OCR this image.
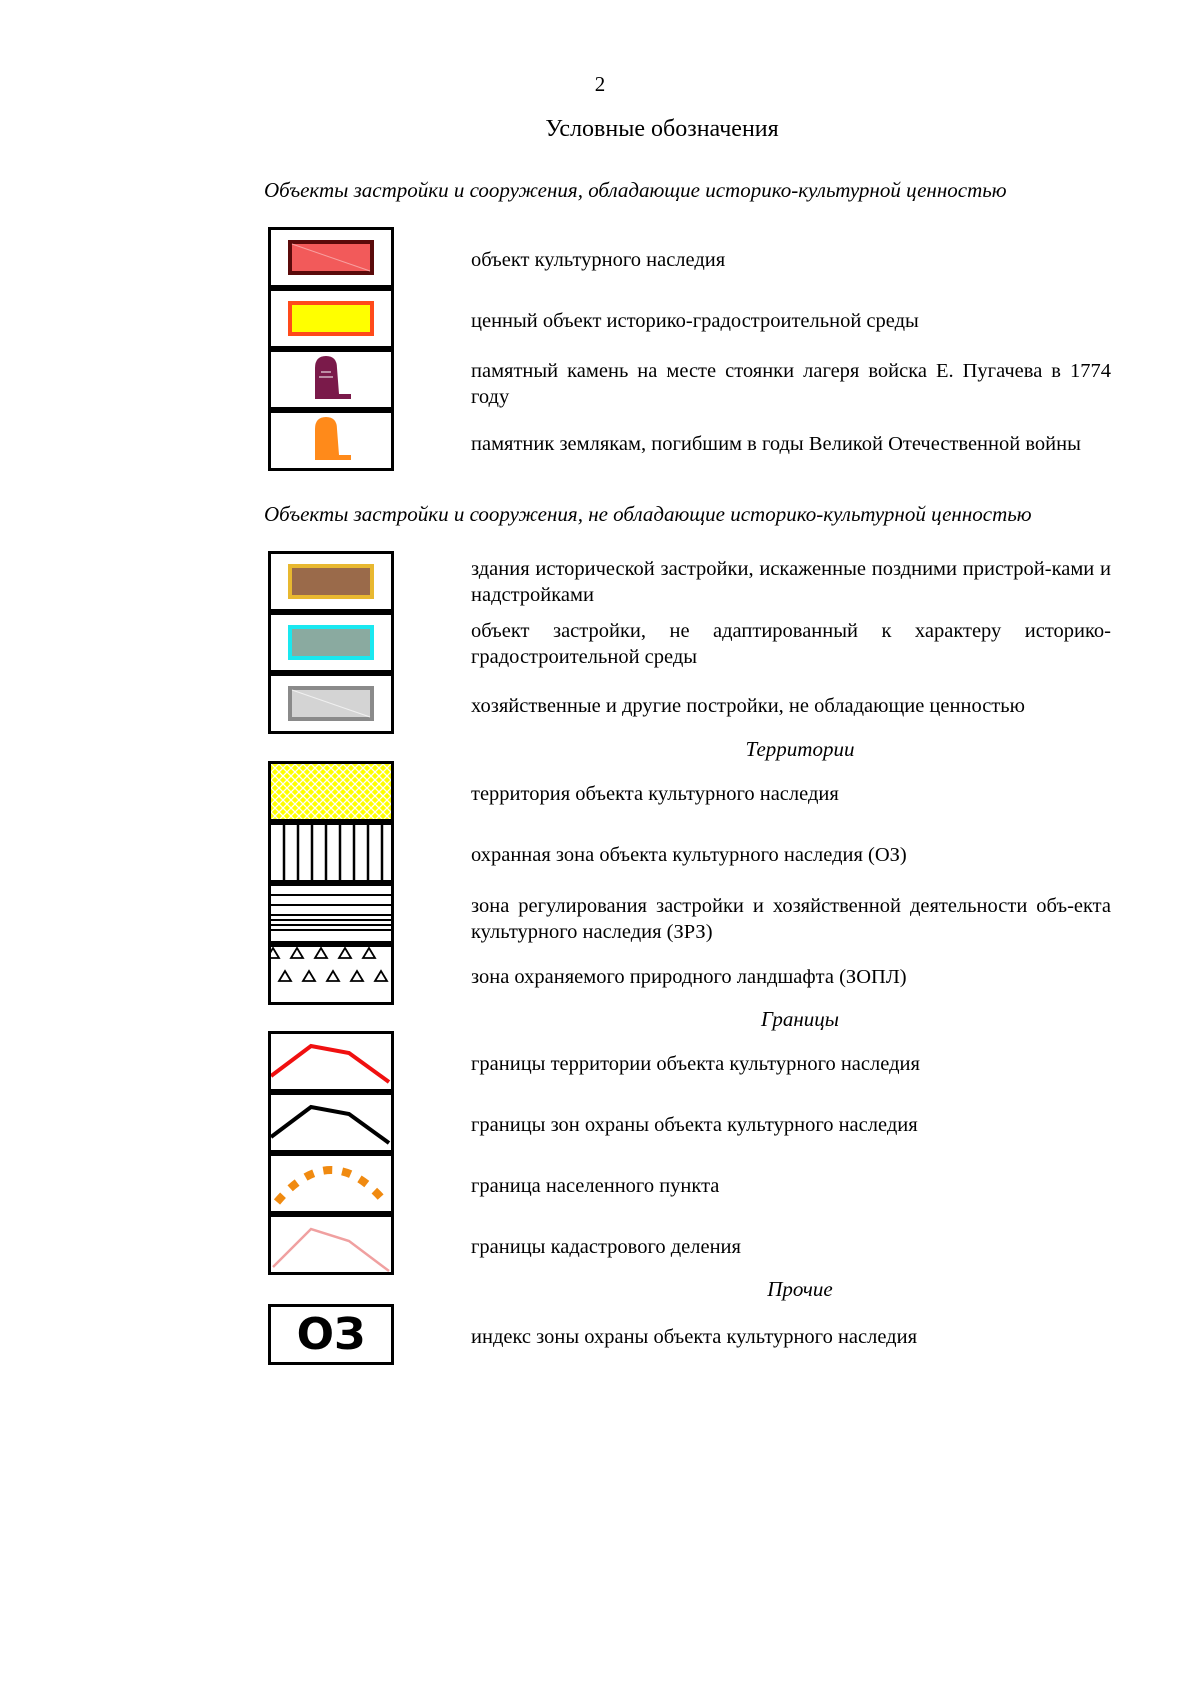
2
Условные обозначения
Объекты застройки и сооружения, обладающие историко-культурной ценностью
объект культурного наследия
ценный объект историко-градостроительной среды
памятный камень на месте стоянки лагеря войска Е. Пугачева в 1774 году
памятник землякам, погибшим в годы Великой Отечественной войны
Объекты застройки и сооружения, не обладающие историко-культурной ценностью
здания исторической застройки, искаженные поздними пристрой-ками и надстройками
объект застройки, не адаптированный к характеру историко-градостроительной среды
хозяйственные и другие постройки, не обладающие ценностью
Территории
территория объекта культурного наследия
охранная зона объекта культурного наследия (ОЗ)
зона регулирования застройки и хозяйственной деятельности объ-екта культурного наследия (ЗРЗ)
зона охраняемого природного ландшафта (ЗОПЛ)
Границы
границы территории объекта культурного наследия
границы зон охраны объекта культурного наследия
граница населенного пункта
границы кадастрового деления
Прочие
ОЗ	индекс зоны охраны объекта культурного наследия
